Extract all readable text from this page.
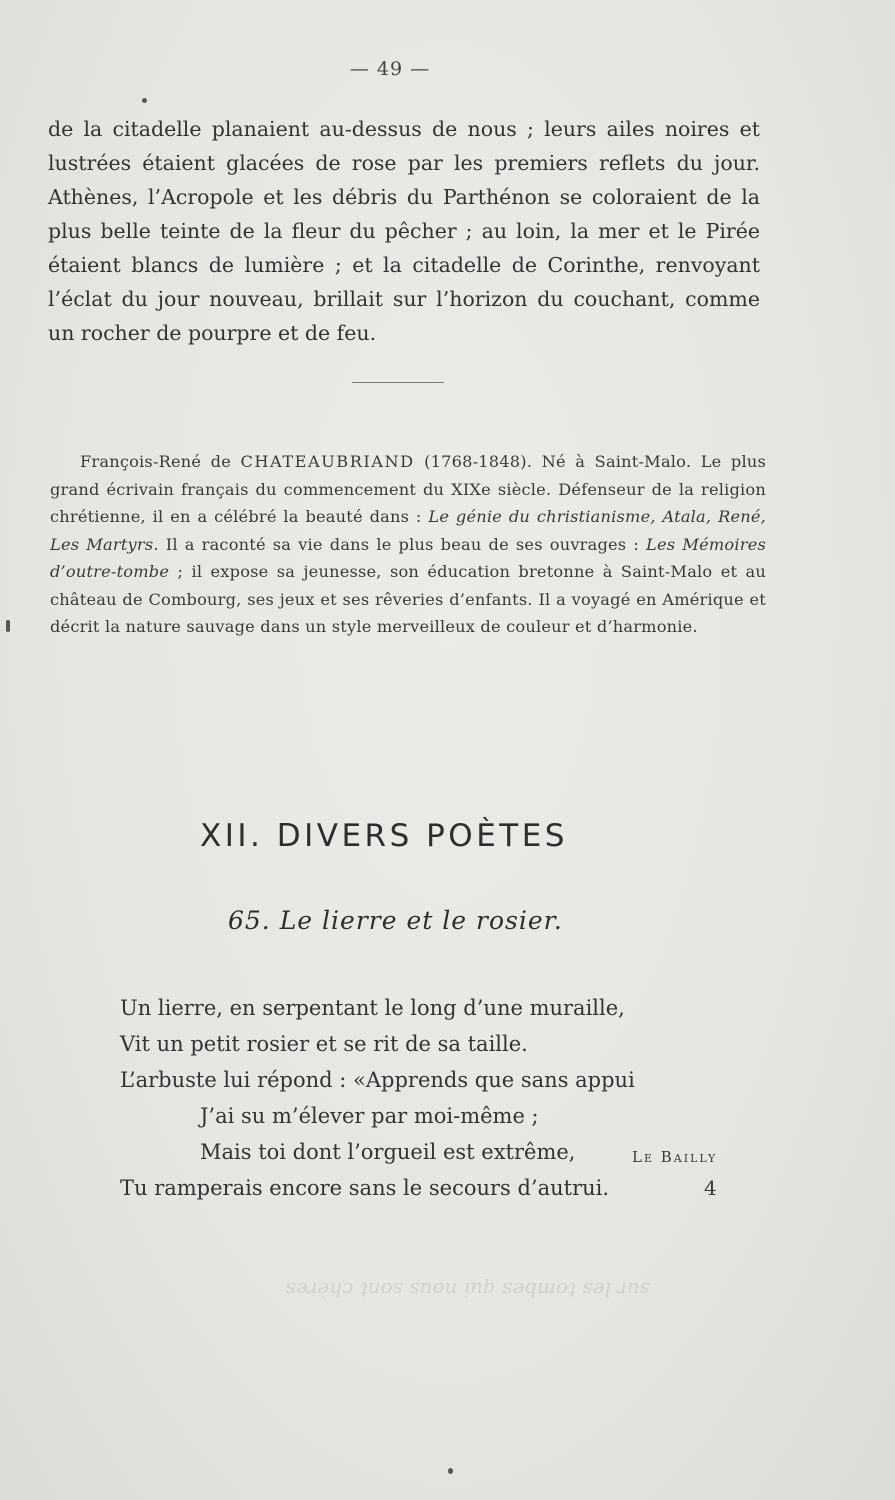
— 49 —

de la citadelle planaient au-dessus de nous ; leurs ailes noires et lustrées étaient glacées de rose par les premiers reflets du jour. Athènes, l’Acropole et les débris du Parthénon se coloraient de la plus belle teinte de la fleur du pêcher ; au loin, la mer et le Pirée étaient blancs de lumière ; et la citadelle de Corinthe, renvoyant l’éclat du jour nouveau, brillait sur l’horizon du couchant, comme un rocher de pourpre et de feu.

François-René de CHATEAUBRIAND (1768-1848). Né à Saint-Malo. Le plus grand écrivain français du commencement du XIXe siècle. Défenseur de la religion chrétienne, il en a célébré la beauté dans : Le génie du christianisme, Atala, René, Les Martyrs. Il a raconté sa vie dans le plus beau de ses ouvrages : Les Mémoires d’outre-tombe ; il expose sa jeunesse, son éducation bretonne à Saint-Malo et au château de Combourg, ses jeux et ses rêveries d’enfants. Il a voyagé en Amérique et décrit la nature sauvage dans un style merveilleux de couleur et d’harmonie.

XII. DIVERS POÈTES
65. Le lierre et le rosier.
Un lierre, en serpentant le long d’une muraille,
Vit un petit rosier et se rit de sa taille.
L’arbuste lui répond : «Apprends que sans appui
J’ai su m’élever par moi-même ;
Mais toi dont l’orgueil est extrême,
Tu ramperais encore sans le secours d’autrui.
Le Bailly
4
sur les tombes qui nous sont chères
